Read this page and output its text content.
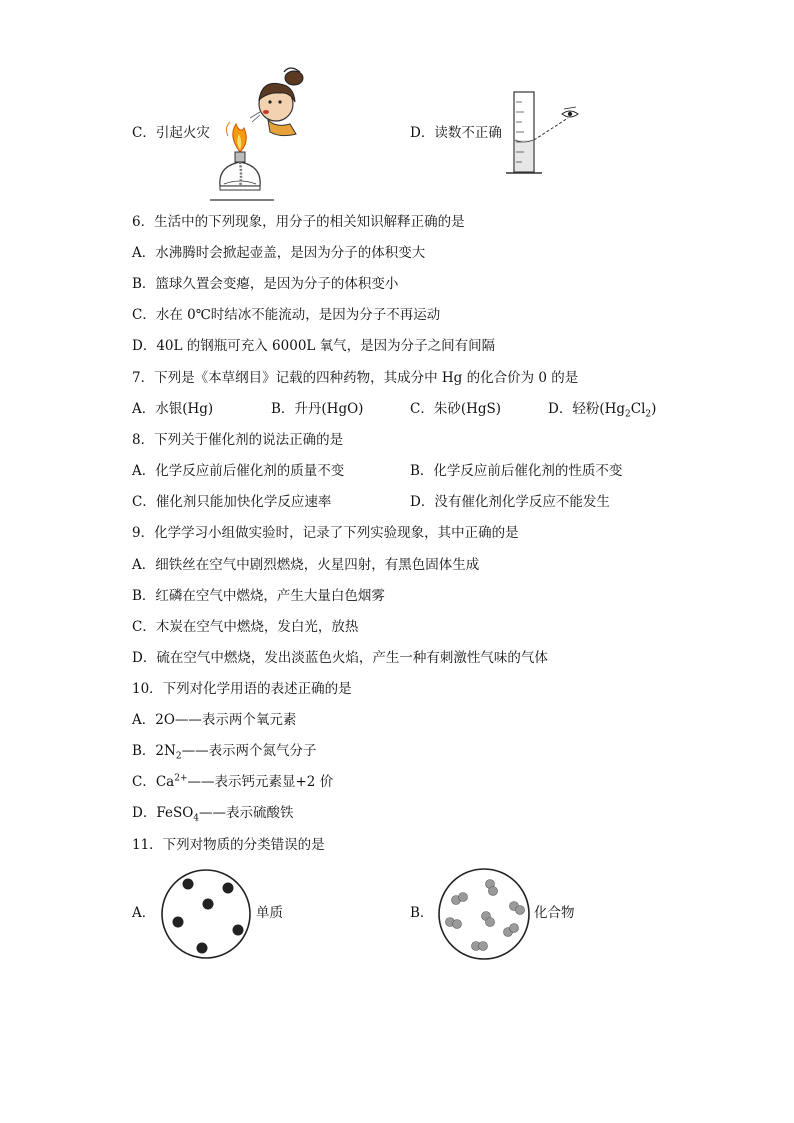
C．引起火灾	D．读数不正确
6．生活中的下列现象，用分子的相关知识解释正确的是
A．水沸腾时会掀起壶盖，是因为分子的体积变大
B．篮球久置会变瘪，是因为分子的体积变小
C．水在 0℃时结冰不能流动，是因为分子不再运动
D．40L 的钢瓶可充入 6000L 氧气，是因为分子之间有间隔
7．下列是《本草纲目》记载的四种药物，其成分中 Hg 的化合价为 0 的是
A．水银(Hg)	B．升丹(HgO)	C．朱砂(HgS)	D．轻粉$(Hg_2Cl_2)$
8．下列关于催化剂的说法正确的是
A．化学反应前后催化剂的质量不变	B．化学反应前后催化剂的性质不变
C．催化剂只能加快化学反应速率	D．没有催化剂化学反应不能发生
9．化学学习小组做实验时，记录了下列实验现象，其中正确的是
A．细铁丝在空气中剧烈燃烧，火星四射，有黑色固体生成
B．红磷在空气中燃烧，产生大量白色烟雾
C．木炭在空气中燃烧，发白光，放热
D．硫在空气中燃烧，发出淡蓝色火焰，产生一种有刺激性气味的气体
10．下列对化学用语的表述正确的是
A．2O——表示两个氧元素
B．$2N_2——$表示两个氮气分子
C．$Ca^{2+}——$表示钙元素显+2 价
D．FeSO$_4$——表示硫酸铁
11．下列对物质的分类错误的是
A．	单质	B．	化合物
